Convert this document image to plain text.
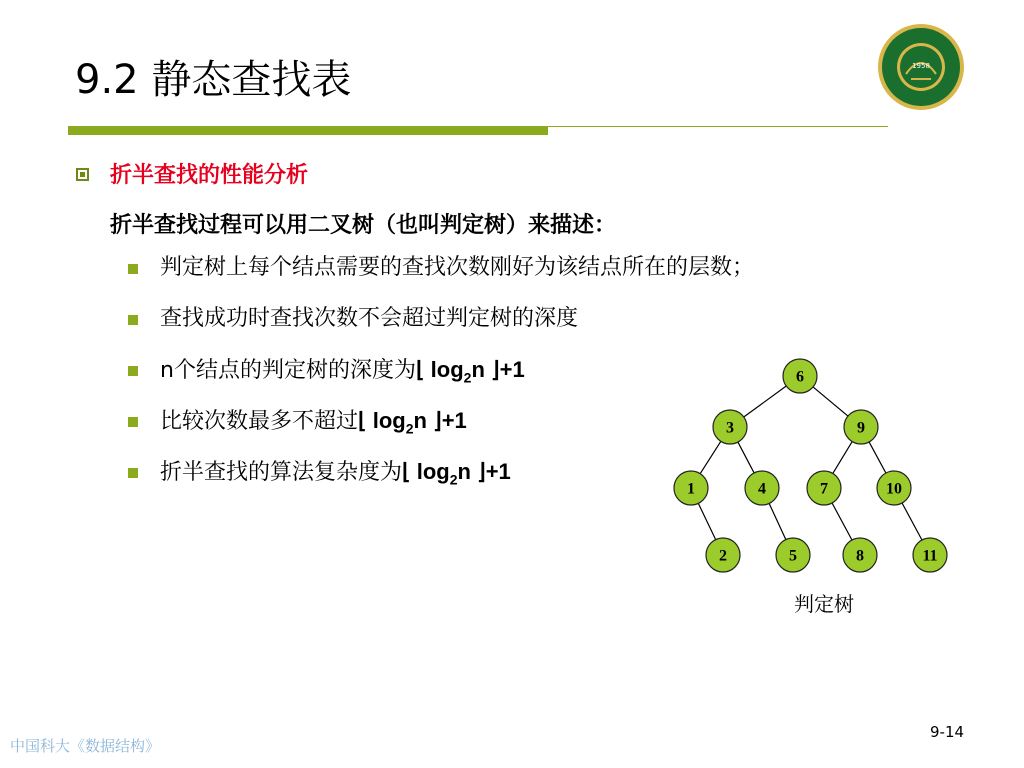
9.2 静态查找表	1958
折半查找的性能分析
折半查找过程可以用二叉树（也叫判定树）来描述：
判定树上每个结点需要的查找次数刚好为该结点所在的层数；
查找成功时查找次数不会超过判定树的深度
n个结点的判定树的深度为⌊ $\log_2n$ ⌋+1
比较次数最多不超过⌊ $\log_2n$ ⌋+1
折半查找的算法复杂度为⌊ $\log_2n$ ⌋+1
6
3	9
1	4	7	10
2	5	8	11
判定树
中国科大《数据结构》
9-14
